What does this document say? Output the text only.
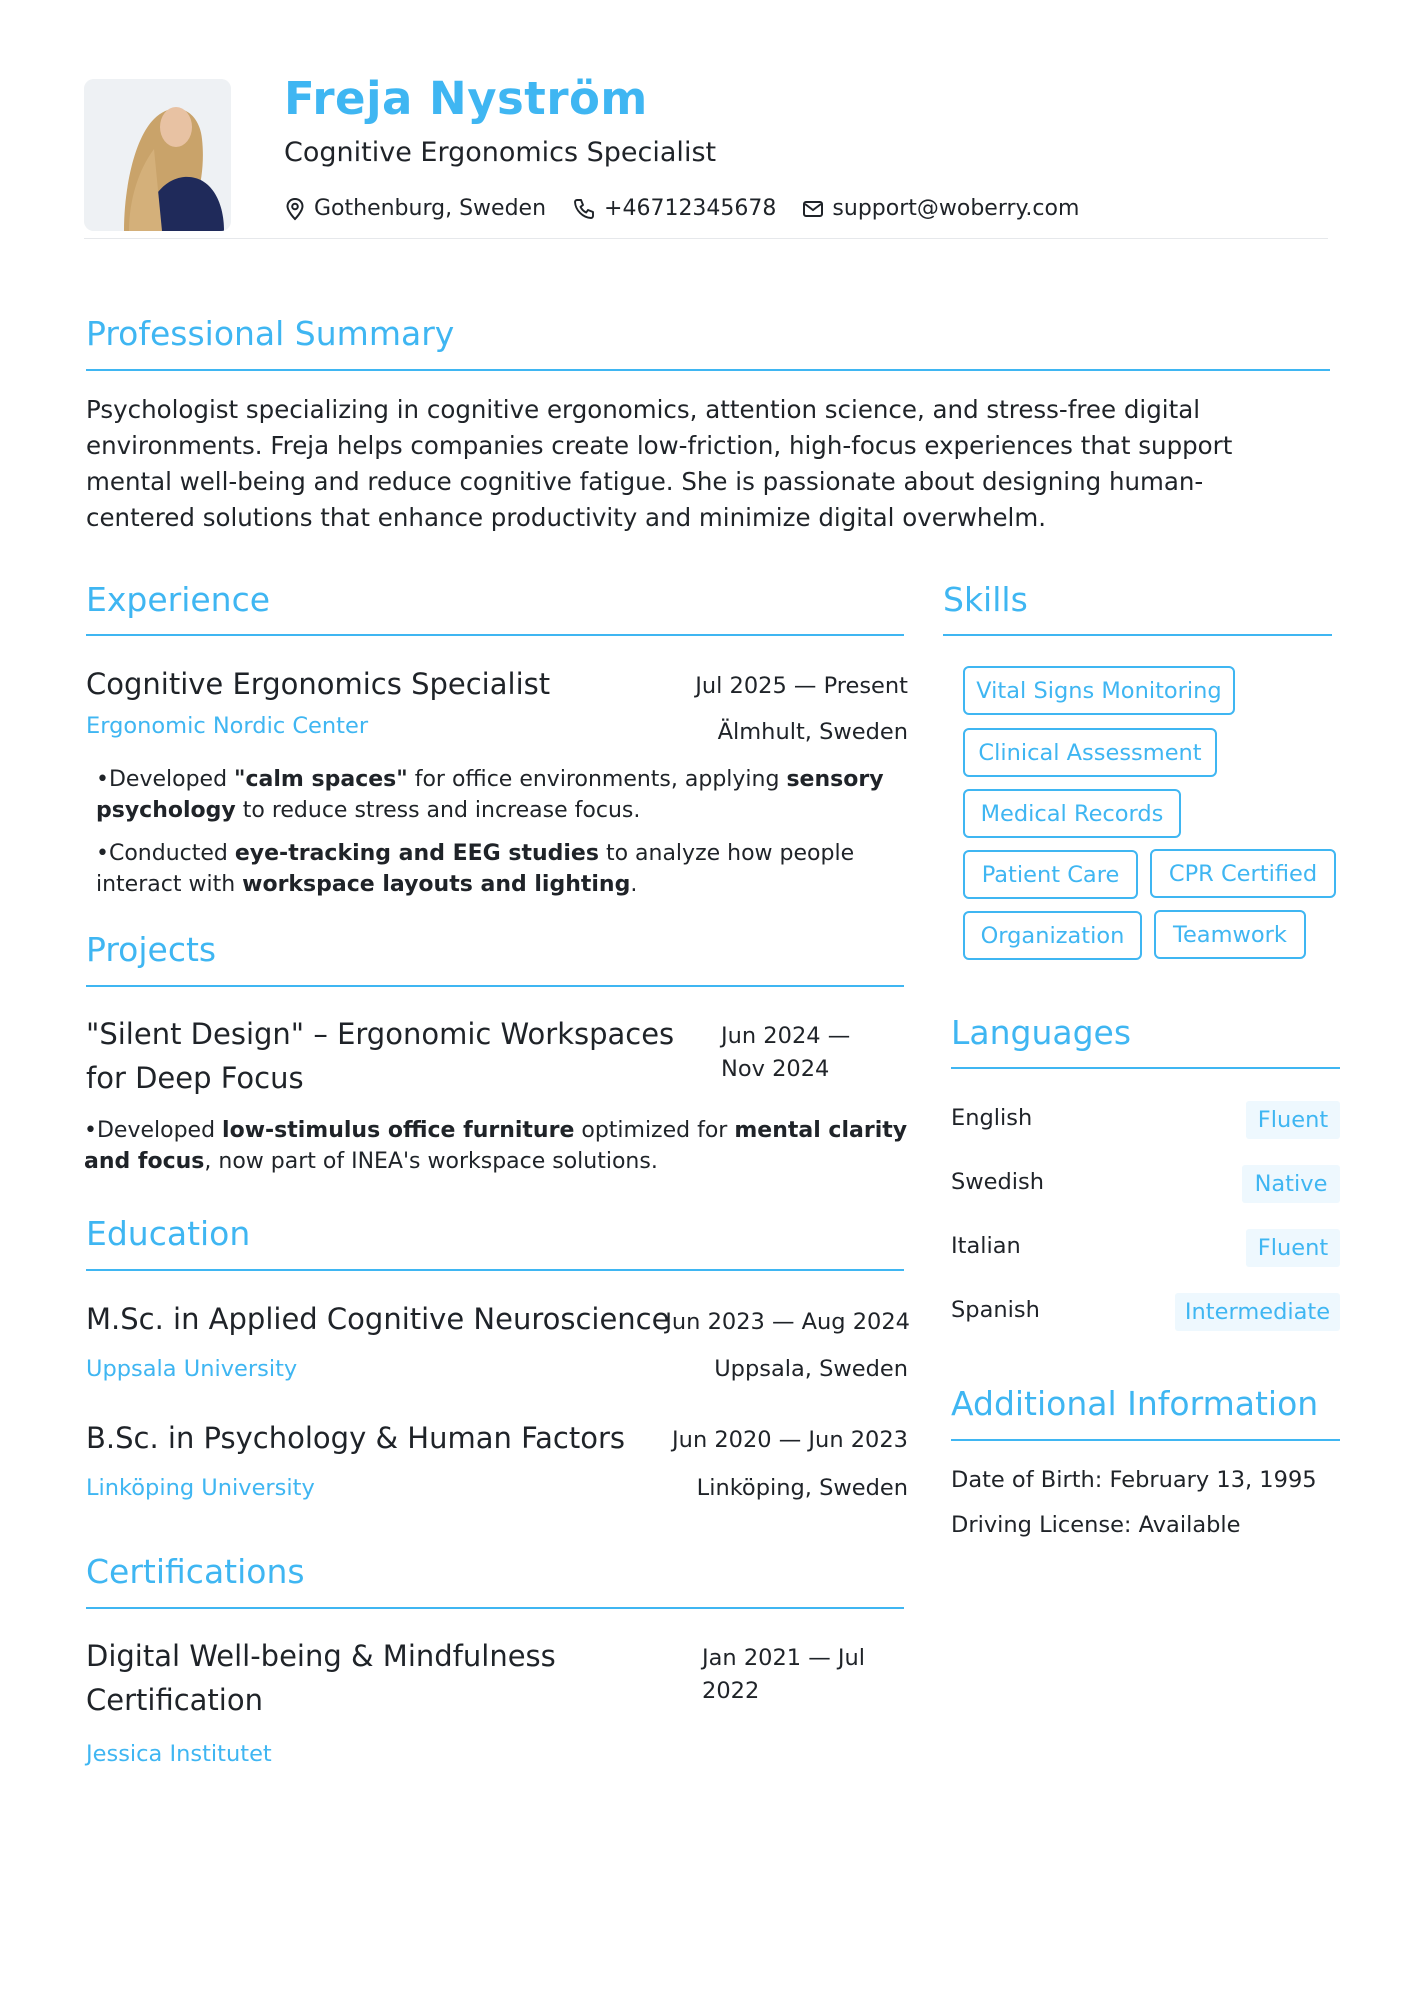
Freja Nyström
Cognitive Ergonomics Specialist
Gothenburg, Sweden	+46712345678	support@woberry.com
Professional Summary
Psychologist specializing in cognitive ergonomics, attention science, and stress-free digital environments. Freja helps companies create low-friction, high-focus experiences that support mental well-being and reduce cognitive fatigue. She is passionate about designing human-centered solutions that enhance productivity and minimize digital overwhelm.
Experience
Cognitive Ergonomics Specialist	Jul 2025 — Present
Ergonomic Nordic Center	Älmhult, Sweden
•Developed "calm spaces" for office environments, applying sensory psychology to reduce stress and increase focus.
•Conducted eye-tracking and EEG studies to analyze how people interact with workspace layouts and lighting.
Projects
"Silent Design" – Ergonomic Workspaces for Deep Focus
Jun 2024 — Nov 2024
•Developed low-stimulus office furniture optimized for mental clarity and focus, now part of INEA's workspace solutions.
Education
M.Sc. in Applied Cognitive Neuroscience
Jun 2023 — Aug 2024
Uppsala University	Uppsala, Sweden
B.Sc. in Psychology & Human Factors Jun 2020 — Jun 2023
Linköping University	Linköping, Sweden
Certifications
Digital Well-being & Mindfulness Certification
Jan 2021 — Jul 2022
Jessica Institutet
Skills
Vital Signs Monitoring
Clinical Assessment
Medical Records
Patient Care	CPR Certified
Organization	Teamwork
Languages
English	Fluent
Swedish	Native
Italian	Fluent
Spanish	Intermediate
Additional Information
Date of Birth: February 13, 1995
Driving License: Available
